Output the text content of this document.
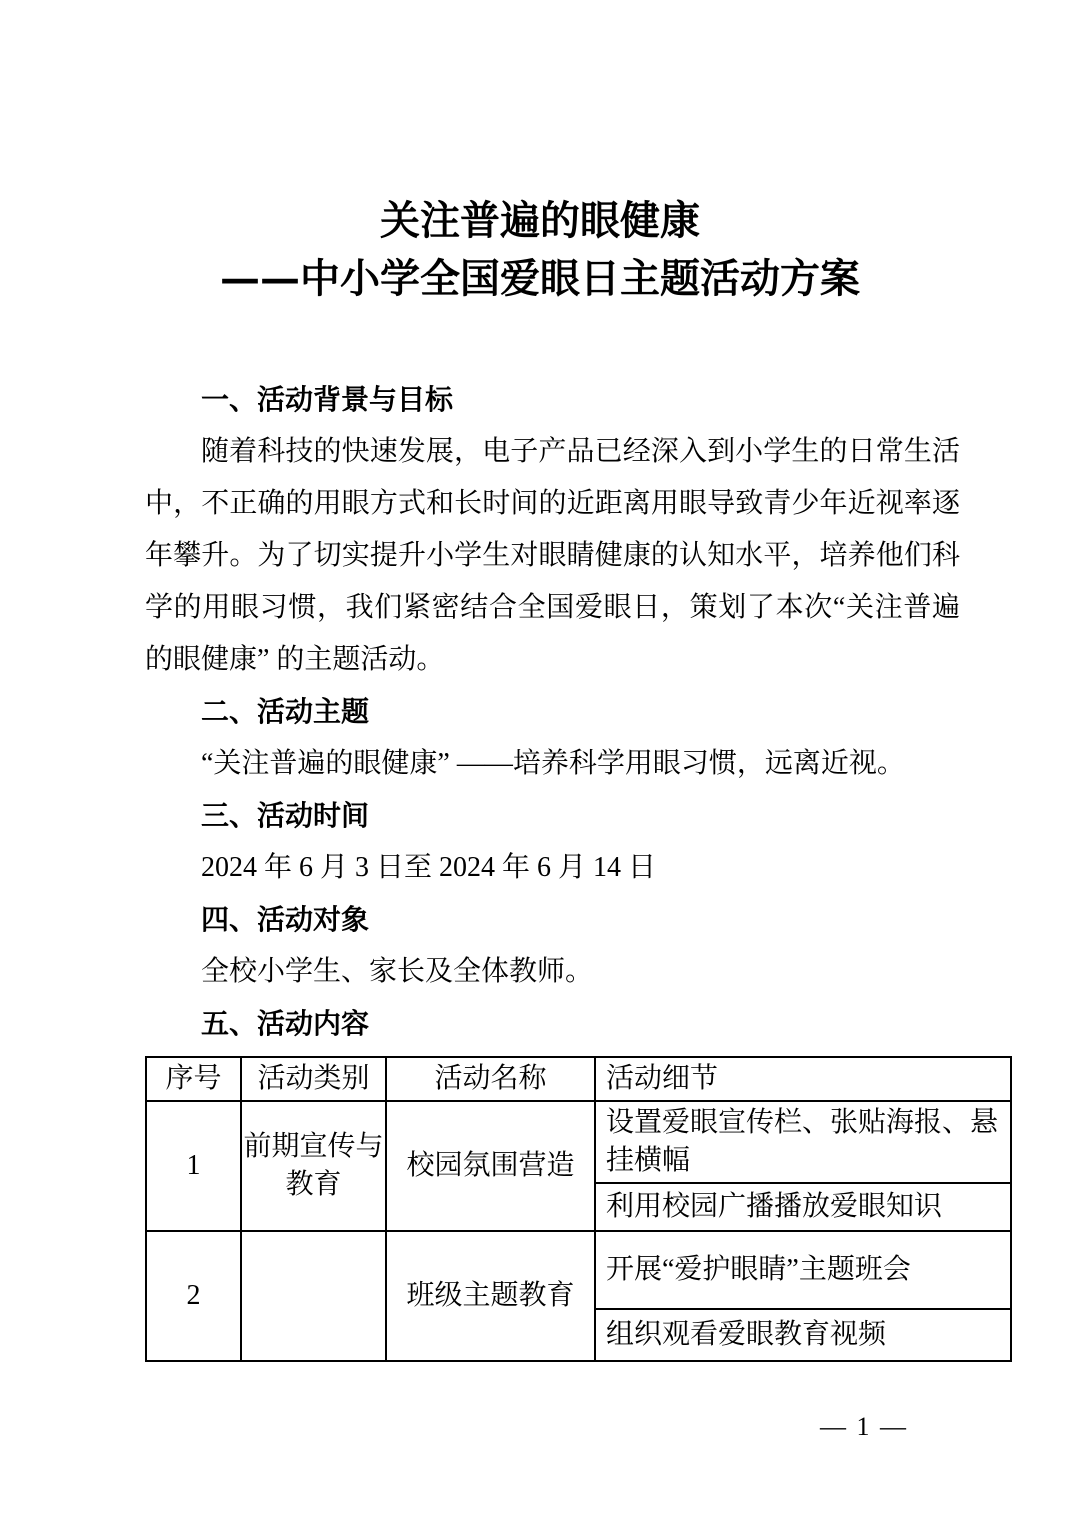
关注普遍的眼健康
——中小学全国爱眼日主题活动方案
一、活动背景与目标

随着科技的快速发展，电子产品已经深入到小学生的日常生活中，不正确的用眼方式和长时间的近距离用眼导致青少年近视率逐年攀升。为了切实提升小学生对眼睛健康的认知水平，培养他们科学的用眼习惯，我们紧密结合全国爱眼日，策划了本次“关注普遍的眼健康” 的主题活动。

二、活动主题

“关注普遍的眼健康” ——培养科学用眼习惯，远离近视。

三、活动时间

2024 年 6 月 3 日至 2024 年 6 月 14 日

四、活动对象

全校小学生、家长及全体教师。

五、活动内容
序号	活动类别	活动名称	活动细节
1	前期宣传与教育	校园氛围营造	设置爱眼宣传栏、张贴海报、悬挂横幅
			利用校园广播播放爱眼知识
2		班级主题教育	开展“爱护眼睛”主题班会
			组织观看爱眼教育视频
— 1 —
